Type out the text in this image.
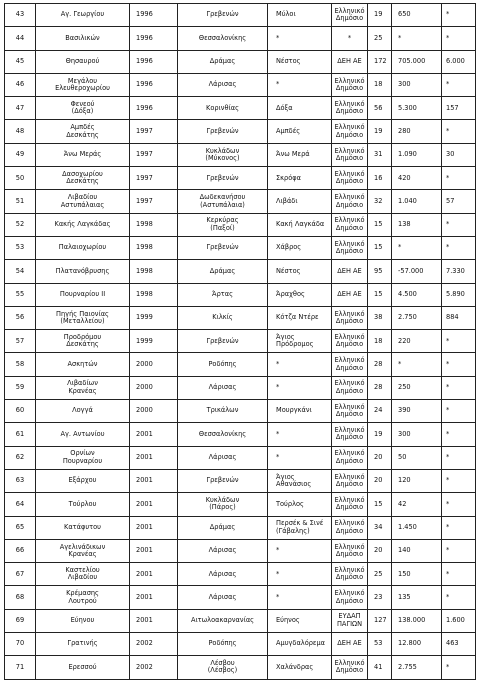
43	Αγ. Γεωργίου	1996	Γρεβενών	Μύλοι	Ελληνικό
Δημόσιο	19	650	*
44	Βασιλικών	1996	Θεσσαλονίκης	*	*	25	*	*
45	Θησαυρού	1996	Δράμας	Νέστος	ΔΕΗ ΑΕ	172	705.000	6.000
46	Μεγάλου
Ελευθεροχωρίου	1996	Λάρισας	*	Ελληνικό
Δημόσιο	18	300	*
47	Φενεού
(Δόξα)	1996	Κορινθίας	Δόξα	Ελληνικό
Δημόσιο	56	5.300	157
48	Αμπδές
Δεσκάτης	1997	Γρεβενών	Αμπδές	Ελληνικό
Δημόσιο	19	280	*
49	Άνω Μεράς	1997	Κυκλάδων
(Μύκονος)	Άνω Μερά	Ελληνικό
Δημόσιο	31	1.090	30
50	Δασοχωρίου
Δεσκάτης	1997	Γρεβενών	Σκρόφα	Ελληνικό
Δημόσιο	16	420	*
51	Λιβαδίου
Αστυπάλαιας	1997	Δωδεκανήσου
(Αστυπάλαια)	Λιβάδι	Ελληνικό
Δημόσιο	32	1.040	57
52	Κακής Λαγκάδας	1998	Κερκύρας
(Παξοί)	Κακή Λαγκάδα	Ελληνικό
Δημόσιο	15	138	*
53	Παλαιοχωρίου	1998	Γρεβενών	Χάβρος	Ελληνικό
Δημόσιο	15	*	*
54	Πλατανόβρυσης	1998	Δράμας	Νέστος	ΔΕΗ ΑΕ	95	-57.000	7.330
55	Πουρναρίου ΙΙ	1998	Άρτας	Άραχθος	ΔΕΗ ΑΕ	15	4.500	5.890
56	Πηγής Παιονίας
(Μεταλλείου)	1999	Κιλκίς	Κότζα Ντέρε	Ελληνικό
Δημόσιο	38	2.750	884
57	Προδρόμου
Δεσκάτης	1999	Γρεβενών	Άγιος
Πρόδρομος	Ελληνικό
Δημόσιο	18	220	*
58	Ασκητών	2000	Ροδόπης	*	Ελληνικό
Δημόσιο	28	*	*
59	Λιβαδίων
Κρανέας	2000	Λάρισας	*	Ελληνικό
Δημόσιο	28	250	*
60	Λογγά	2000	Τρικάλων	Μουργκάνι	Ελληνικό
Δημόσιο	24	390	*
61	Αγ. Αντωνίου	2001	Θεσσαλονίκης	*	Ελληνικό
Δημόσιο	19	300	*
62	Ορνίων
Πουρναρίου	2001	Λάρισας	*	Ελληνικό
Δημόσιο	20	50	*
63	Εξάρχου	2001	Γρεβενών	Άγιος
Αθανάσιος	Ελληνικό
Δημόσιο	20	120	*
64	Τούρλου	2001	Κυκλάδων
(Πάρος)	Τούρλος	Ελληνικό
Δημόσιο	15	42	*
65	Κατάφυτου	2001	Δράμας	Περσέκ & Σινέ
(Γάβαλης)	Ελληνικό
Δημόσιο	34	1.450	*
66	Αγελινάδικων
Κρανέας	2001	Λάρισας	*	Ελληνικό
Δημόσιο	20	140	*
67	Καστελίου
Λιβαδίου	2001	Λάρισας	*	Ελληνικό
Δημόσιο	25	150	*
68	Κρέμασης
Λουτρού	2001	Λάρισας	*	Ελληνικό
Δημόσιο	23	135	*
69	Εύηνου	2001	Αιτωλοακαρνανίας	Εύηνος	ΕΥΔΑΠ
ΠΑΓΙΩΝ	127	138.000	1.600
70	Γρατινής	2002	Ροδόπης	Αμυγδαλόρεμα	ΔΕΗ ΑΕ	53	12.800	463
71	Ερεσσού	2002	Λέσβου
(Λέσβος)	Χαλάνδρας	Ελληνικό
Δημόσιο	41	2.755	*
